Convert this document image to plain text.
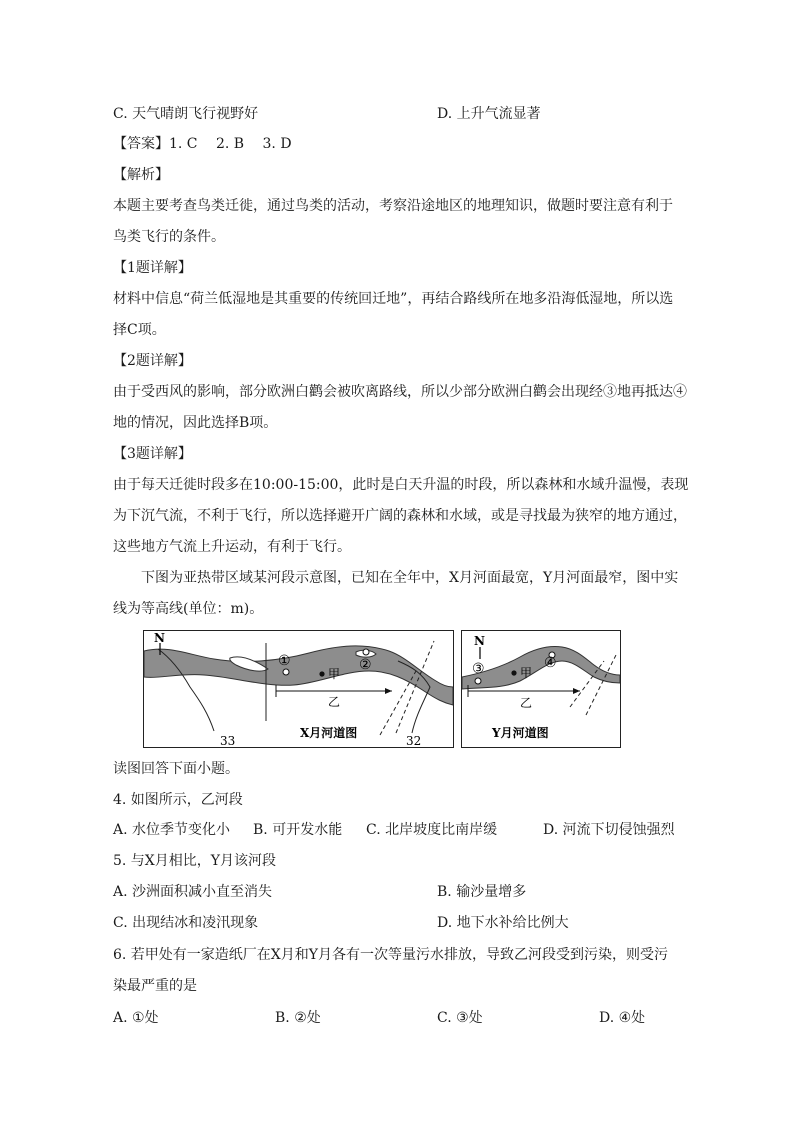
C. 天气晴朗飞行视野好	D. 上升气流显著
【答案】1. C　 2. B　 3. D
【解析】
本题主要考查鸟类迁徙，通过鸟类的活动，考察沿途地区的地理知识，做题时要注意有利于
鸟类飞行的条件。
【1题详解】
材料中信息“荷兰低湿地是其重要的传统回迁地”，再结合路线所在地多沿海低湿地，所以选
择C项。
【2题详解】
由于受西风的影响，部分欧洲白鹳会被吹离路线，所以少部分欧洲白鹳会出现经③地再抵达④
地的情况，因此选择B项。
【3题详解】
由于每天迁徙时段多在10:00-15:00，此时是白天升温的时段，所以森林和水域升温慢，表现
为下沉气流，不利于飞行，所以选择避开广阔的森林和水域，或是寻找最为狭窄的地方通过，
这些地方气流上升运动，有利于飞行。
下图为亚热带区域某河段示意图，已知在全年中，X月河面最宽，Y月河面最窄，图中实
线为等高线(单位：m)。
N
①	②
甲
乙
33	32
X月河道图
N
③	④
甲
乙
Y月河道图
读图回答下面小题。
4. 如图所示，乙河段
A. 水位季节变化小 B. 可开发水能 C. 北岸坡度比南岸缓	D. 河流下切侵蚀强烈
5. 与X月相比，Y月该河段
A. 沙洲面积减小直至消失	B. 输沙量增多
C. 出现结冰和凌汛现象	D. 地下水补给比例大
6. 若甲处有一家造纸厂在X月和Y月各有一次等量污水排放，导致乙河段受到污染，则受污
染最严重的是
A. ①处	B. ②处	C. ③处	D. ④处
